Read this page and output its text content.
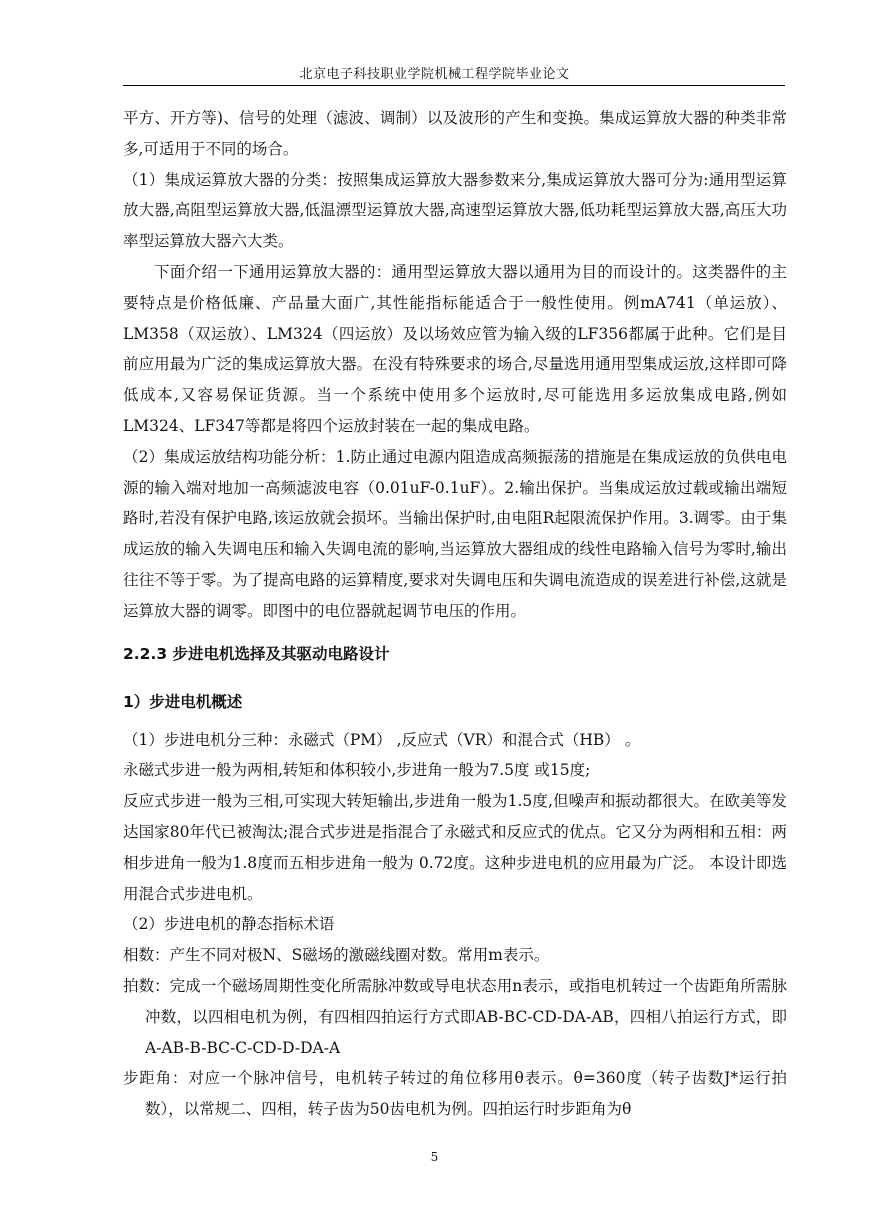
北京电子科技职业学院机械工程学院毕业论文

平方、开方等)、信号的处理（滤波、调制）以及波形的产生和变换。集成运算放大器的种类非常多,可适用于不同的场合。

（1）集成运算放大器的分类：按照集成运算放大器参数来分,集成运算放大器可分为:通用型运算放大器,高阻型运算放大器,低温漂型运算放大器,高速型运算放大器,低功耗型运算放大器,高压大功率型运算放大器六大类。

下面介绍一下通用运算放大器的：通用型运算放大器以通用为目的而设计的。这类器件的主要特点是价格低廉、产品量大面广,其性能指标能适合于一般性使用。例mA741（单运放）、LM358（双运放）、LM324（四运放）及以场效应管为输入级的LF356都属于此种。它们是目前应用最为广泛的集成运算放大器。在没有特殊要求的场合,尽量选用通用型集成运放,这样即可降低成本,又容易保证货源。当一个系统中使用多个运放时,尽可能选用多运放集成电路,例如LM324、LF347等都是将四个运放封装在一起的集成电路。

（2）集成运放结构功能分析：1.防止通过电源内阻造成高频振荡的措施是在集成运放的负供电电源的输入端对地加一高频滤波电容（0.01uF-0.1uF）。2.输出保护。当集成运放过载或输出端短路时,若没有保护电路,该运放就会损坏。当输出保护时,由电阻R起限流保护作用。3.调零。由于集成运放的输入失调电压和输入失调电流的影响,当运算放大器组成的线性电路输入信号为零时,输出往往不等于零。为了提高电路的运算精度,要求对失调电压和失调电流造成的误差进行补偿,这就是运算放大器的调零。即图中的电位器就起调节电压的作用。

2.2.3 步进电机选择及其驱动电路设计
1）步进电机概述

（1）步进电机分三种：永磁式（PM） ,反应式（VR）和混合式（HB） 。

永磁式步进一般为两相,转矩和体积较小,步进角一般为7.5度 或15度;

反应式步进一般为三相,可实现大转矩输出,步进角一般为1.5度,但噪声和振动都很大。在欧美等发达国家80年代已被淘汰;混合式步进是指混合了永磁式和反应式的优点。它又分为两相和五相：两相步进角一般为1.8度而五相步进角一般为 0.72度。这种步进电机的应用最为广泛。 本设计即选用混合式步进电机。

（2）步进电机的静态指标术语

相数：产生不同对极N、S磁场的激磁线圈对数。常用m表示。

拍数：完成一个磁场周期性变化所需脉冲数或导电状态用n表示，或指电机转过一个齿距角所需脉冲数，以四相电机为例，有四相四拍运行方式即AB-BC-CD-DA-AB，四相八拍运行方式，即A-AB-B-BC-C-CD-D-DA-A

步距角：对应一个脉冲信号，电机转子转过的角位移用θ表示。θ=360度（转子齿数J*运行拍数），以常规二、四相，转子齿为50齿电机为例。四拍运行时步距角为θ

5
